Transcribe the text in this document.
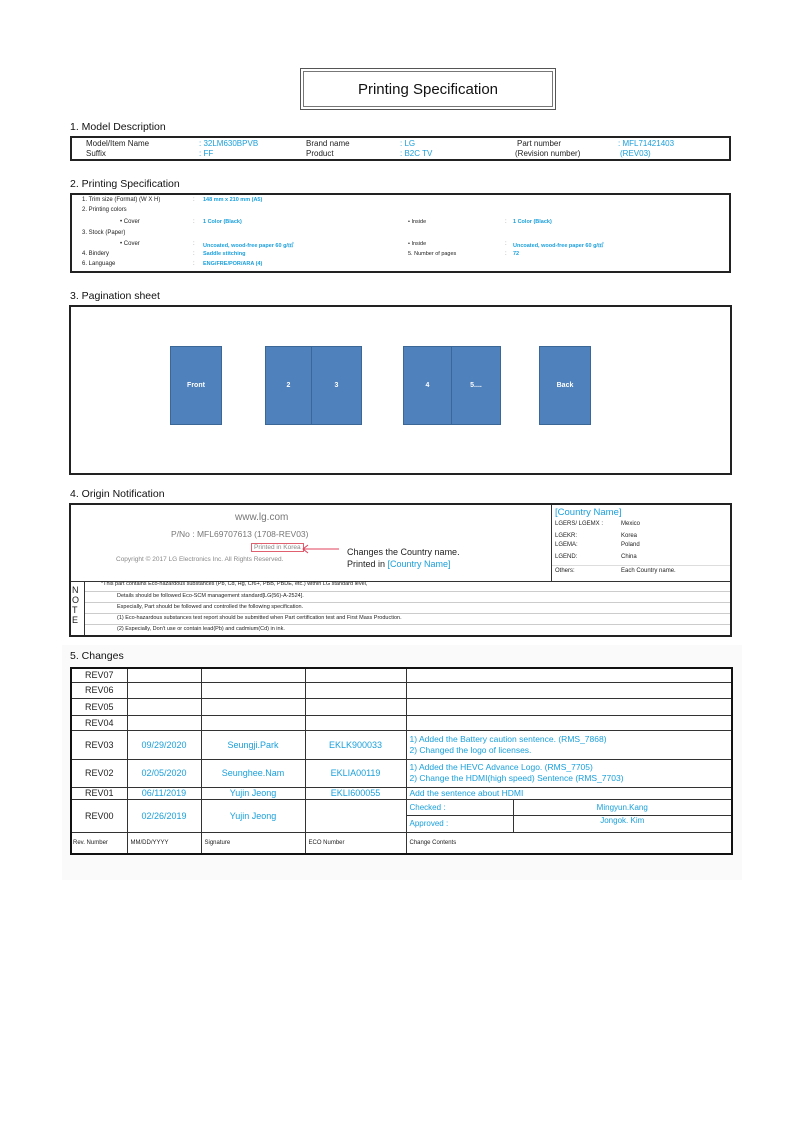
Printing Specification
1. Model Description
Model/Item Name	: 32LM630BPVB	Brand name	: LG	Part number	: MFL71421403
Suffix	: FF	Product	: B2C TV	(Revision number)	(REV03)
2. Printing Specification
1. Trim size (Format) (W X H)	: 148 mm x 210 mm (A5)
2. Printing colors
• Cover	: 1 Color (Black)	• Inside	: 1 Color (Black)
3. Stock (Paper)
• Cover	: Uncoated, wood-free paper 60 g/㎡	• Inside	: Uncoated, wood-free paper 60 g/㎡
4. Bindery	: Saddle stitching	5. Number of pages	: 72
6. Language	: ENG/FRE/POR/ARA (4)
3. Pagination sheet
Front	2	3	4	5....	Back
4. Origin Notification
www.lg.com
P/No : MFL69707613 (1708-REV03)
Printed in Korea
Copyright © 2017 LG Electronics Inc. All Rights Reserved.
Changes the Country name.
Printed in [Country Name]
[Country Name]
LGERS/ LGEMX :	Mexico
LGEKR:	Korea
LGEMA:	Poland
LGEND:	China
Others:	Each Country name.
N
O
T
E
*This part contains Eco-hazardous substances (Pb, Cd, Hg, Cr6+, PBB, PBDE, etc.) within LG standard level,
Details should be followed Eco-SCM management standard[LG(56)-A-2524].
Especially, Part should be followed and controlled the following specification.
(1) Eco-hazardous substances test report should be submitted when Part certification test and First Mass Production.
(2) Especially, Don't use or contain lead(Pb) and cadmium(Cd) in ink.
5. Changes
REV07					
REV06					
REV05					
REV04					
REV03	09/29/2020	Seungji.Park	EKLK900033	1) Added the Battery caution sentence. (RMS_7868)
2) Changed the logo of licenses.	

REV02	02/05/2020	Seunghee.Nam	EKLIA00119	1) Added the HEVC Advance Logo. (RMS_7705)
2) Change the HDMI(high speed) Sentence (RMS_7703)	

REV01	06/11/2019	Yujin Jeong	EKLI600055	Add the sentence about HDMI	
REV00	02/26/2019	Yujin Jeong		Checked :	Mingyun.Kang
				Approved :	Jongok. Kim
Rev. Number	MM/DD/YYYY	Signature	ECO Number	Change Contents	
